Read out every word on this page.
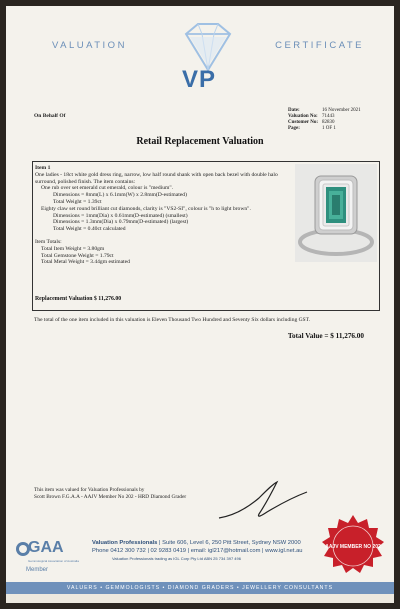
VALUATION
VP
CERTIFICATE
On Behalf Of
Date:	16 November 2021
Valuation No: 71443
Customer No: 82830
Page:	1 OF 1
Retail Replacement Valuation
Item 1
One ladies - 18ct white gold dress ring, narrow, low half round shank with open back bezel with double halo surround, polished finish. The item contains:
One rub over set emerald cut emerald, colour is "medium".
Dimensions = 8mm(L) x 6.1mm(W) x 2.8mm(D-estimated)
Total Weight = 1.39ct
Eighty claw set round brilliant cut diamonds, clarity is "VS2-SI", colour is "h to light brown".
Dimensions = 1mm(Dia) x 0.61mm(D-estimated) (smallest)
Dimensions = 1.3mm(Dia) x 0.79mm(D-estimated) (largest)
Total Weight = 0.40ct calculated
Item Totals:
Total Item Weight = 3.80gm
Total Gemstone Weight = 1.79ct
Total Metal Weight = 3.44gm estimated
Replacement Valuation $ 11,276.00
The total of the one item included in this valuation is Eleven Thousand Two Hundred and Seventy Six dollars including GST.
Total Value = $ 11,276.00
This item was valued for Valuation Professionals by
Scott Brown F.G.A.A - AAJV Member No 202 - HRD Diamond Grader
GAA
Gemmological Association of Australia
Member
Valuation Professionals | Suite 606, Level 6, 250 Pitt Street, Sydney NSW 2000
Phone 0412 300 732 | 02 9283 0419 | email: igl217@hotmail.com | www.igl.net.au
Valuation Professionals trading as IGL Corp Pty Ltd ABN 25 734 397 496
AAJV MEMBER NO 202
VALUERS • GEMMOLOGISTS • DIAMOND GRADERS • JEWELLERY CONSULTANTS
